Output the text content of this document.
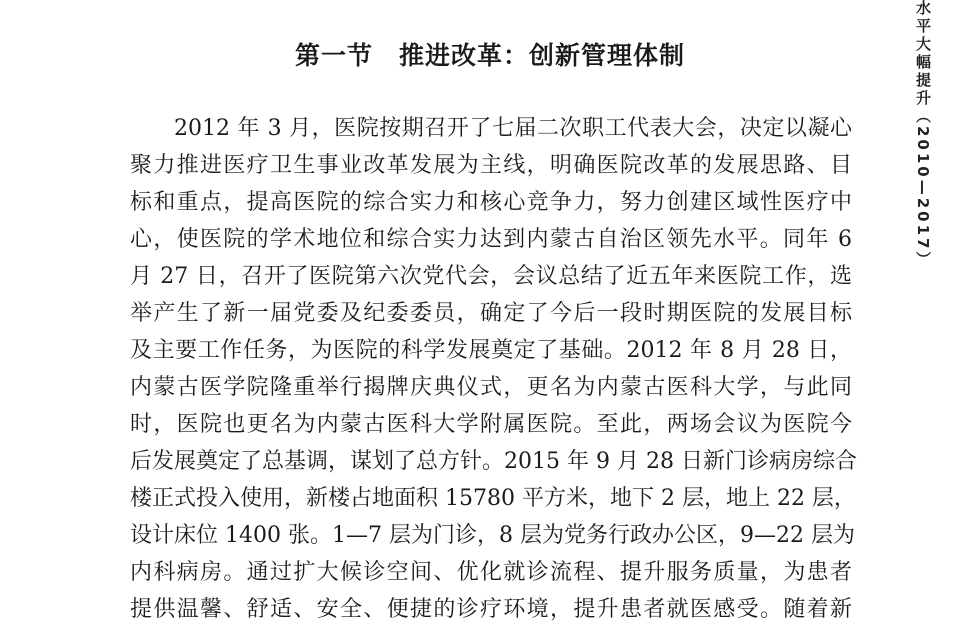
水平大幅提升（2010—2017）
第一节　推进改革：创新管理体制
2012 年 3 月，医院按期召开了七届二次职工代表大会，决定以凝心
聚力推进医疗卫生事业改革发展为主线，明确医院改革的发展思路、目
标和重点，提高医院的综合实力和核心竞争力，努力创建区域性医疗中
心，使医院的学术地位和综合实力达到内蒙古自治区领先水平。同年 6
月 27 日，召开了医院第六次党代会，会议总结了近五年来医院工作，选
举产生了新一届党委及纪委委员，确定了今后一段时期医院的发展目标
及主要工作任务，为医院的科学发展奠定了基础。2012 年 8 月 28 日，
内蒙古医学院隆重举行揭牌庆典仪式，更名为内蒙古医科大学，与此同
时，医院也更名为内蒙古医科大学附属医院。至此，两场会议为医院今
后发展奠定了总基调，谋划了总方针。2015 年 9 月 28 日新门诊病房综合
楼正式投入使用，新楼占地面积 15780 平方米，地下 2 层，地上 22 层，
设计床位 1400 张。1—7 层为门诊，8 层为党务行政办公区，9—22 层为
内科病房。通过扩大候诊空间、优化就诊流程、提升服务质量，为患者
提供温馨、舒适、安全、便捷的诊疗环境，提升患者就医感受。随着新
